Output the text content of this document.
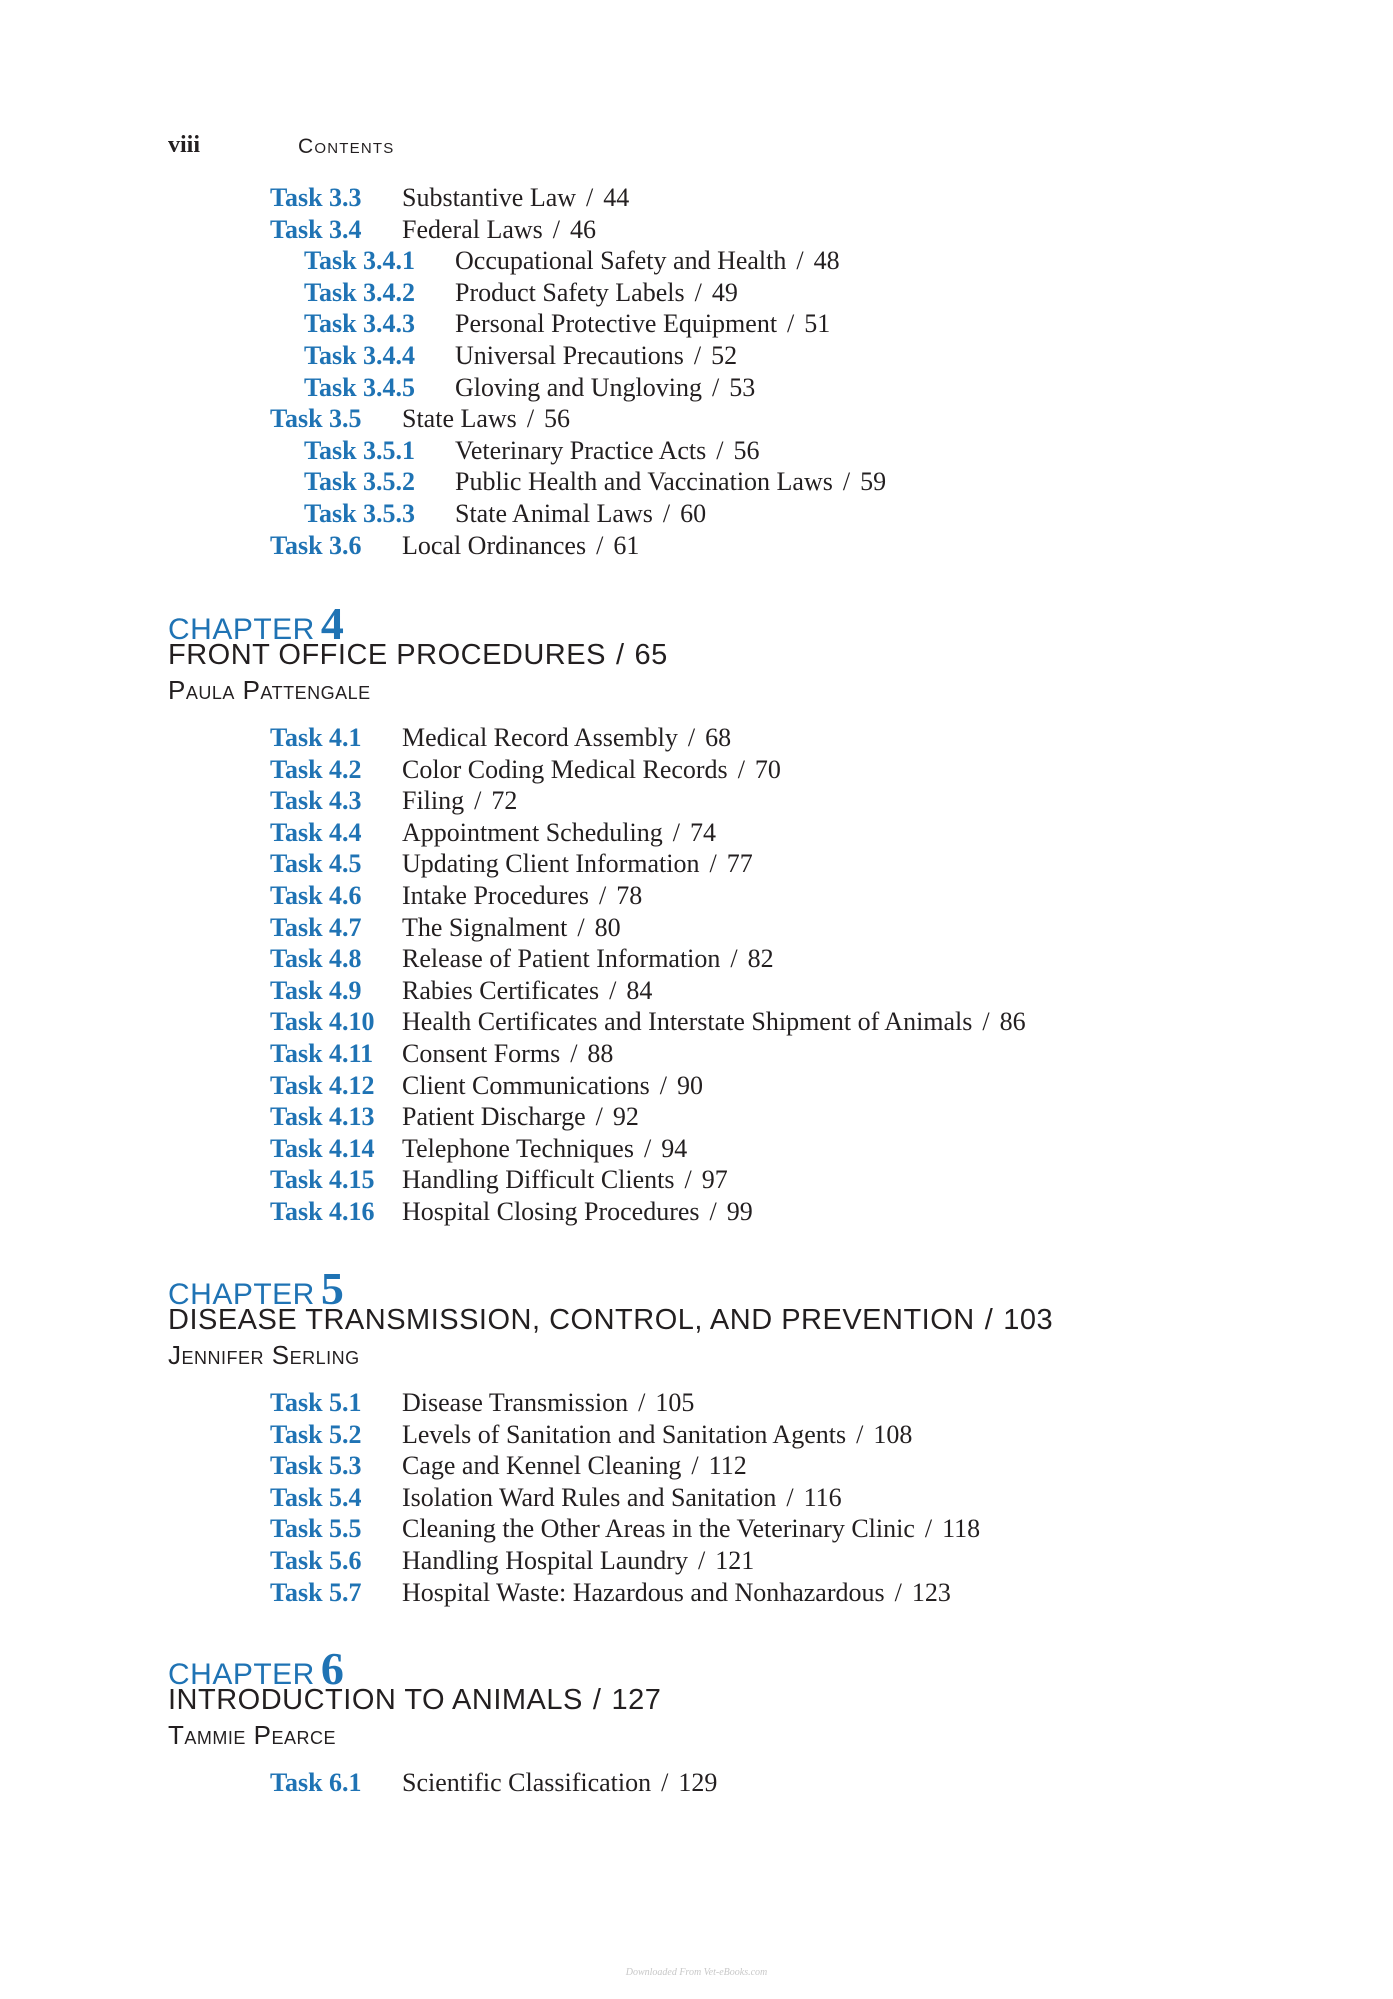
viii	Contents
Task 3.3 Substantive Law / 44
Task 3.4 Federal Laws / 46
Task 3.4.1 Occupational Safety and Health / 48
Task 3.4.2 Product Safety Labels / 49
Task 3.4.3 Personal Protective Equipment / 51
Task 3.4.4 Universal Precautions / 52
Task 3.4.5 Gloving and Ungloving / 53
Task 3.5 State Laws / 56
Task 3.5.1 Veterinary Practice Acts / 56
Task 3.5.2 Public Health and Vaccination Laws / 59
Task 3.5.3 State Animal Laws / 60
Task 3.6 Local Ordinances / 61
CHAPTER 4
FRONT OFFICE PROCEDURES / 65
Paula Pattengale
Task 4.1 Medical Record Assembly / 68
Task 4.2 Color Coding Medical Records / 70
Task 4.3 Filing / 72
Task 4.4 Appointment Scheduling / 74
Task 4.5 Updating Client Information / 77
Task 4.6 Intake Procedures / 78
Task 4.7 The Signalment / 80
Task 4.8 Release of Patient Information / 82
Task 4.9 Rabies Certificates / 84
Task 4.10 Health Certificates and Interstate Shipment of Animals / 86
Task 4.11 Consent Forms / 88
Task 4.12 Client Communications / 90
Task 4.13 Patient Discharge / 92
Task 4.14 Telephone Techniques / 94
Task 4.15 Handling Difficult Clients / 97
Task 4.16 Hospital Closing Procedures / 99
CHAPTER 5
DISEASE TRANSMISSION, CONTROL, AND PREVENTION / 103
Jennifer Serling
Task 5.1 Disease Transmission / 105
Task 5.2 Levels of Sanitation and Sanitation Agents / 108
Task 5.3 Cage and Kennel Cleaning / 112
Task 5.4 Isolation Ward Rules and Sanitation / 116
Task 5.5 Cleaning the Other Areas in the Veterinary Clinic / 118
Task 5.6 Handling Hospital Laundry / 121
Task 5.7 Hospital Waste: Hazardous and Nonhazardous / 123
CHAPTER 6
INTRODUCTION TO ANIMALS / 127
Tammie Pearce
Task 6.1 Scientific Classification / 129
Downloaded From Vet-eBooks.com
